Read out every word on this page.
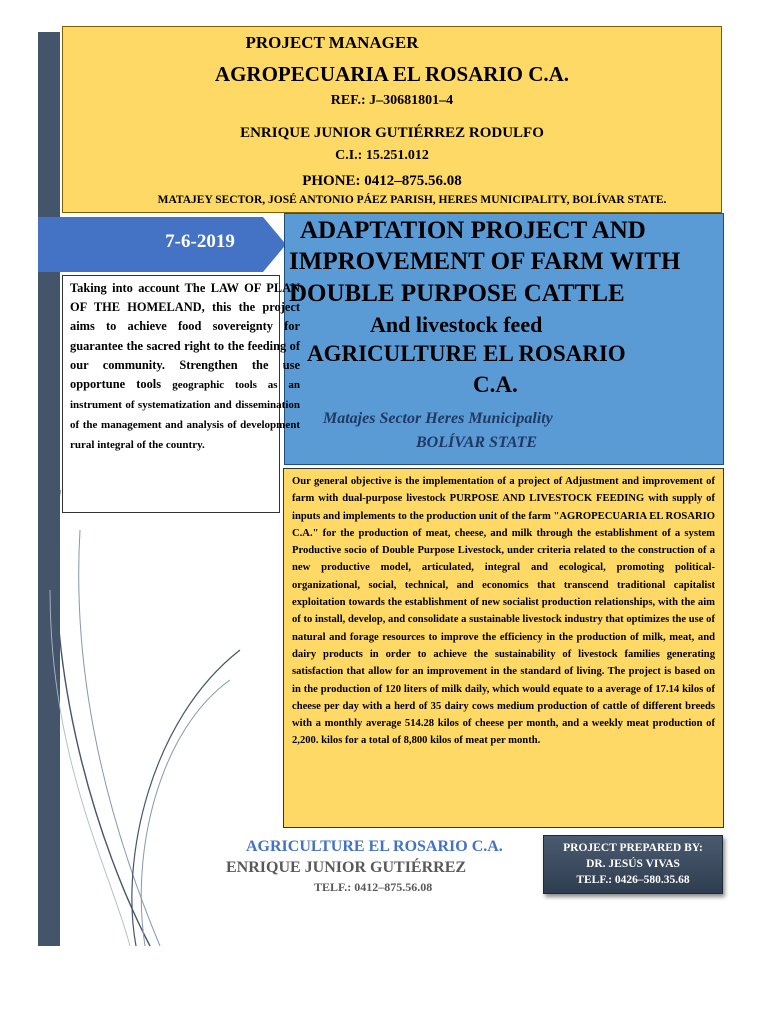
PROJECT MANAGER
AGROPECUARIA EL ROSARIO C.A.
REF.: J–30681801–4
ENRIQUE JUNIOR GUTIÉRREZ RODULFO
C.I.: 15.251.012
PHONE: 0412–875.56.08
MATAJEY SECTOR, JOSÉ ANTONIO PÁEZ PARISH, HERES MUNICIPALITY, BOLÍVAR STATE.
7-6-2019	ADAPTATION PROJECT AND
IMPROVEMENT OF FARM WITH
DOUBLE PURPOSE CATTLE
And livestock feed
AGRICULTURE EL ROSARIO
C.A.
Matajes Sector Heres Municipality
BOLÍVAR STATE
Taking into account The LAW OF PLAN OF THE HOMELAND, this the project aims to achieve food sovereignty for guarantee the sacred right to the feeding of our community. Strengthen the use opportune tools geographic tools as an instrument of systematization and dissemination of the management and analysis of development rural integral of the country.
Our general objective is the implementation of a project of Adjustment and improvement of farm with dual-purpose livestock PURPOSE AND LIVESTOCK FEEDING with supply of inputs and implements to the production unit of the farm "AGROPECUARIA EL ROSARIO C.A." for the production of meat, cheese, and milk through the establishment of a system Productive socio of Double Purpose Livestock, under criteria related to the construction of a new productive model, articulated, integral and ecological, promoting political-organizational, social, technical, and economics that transcend traditional capitalist exploitation towards the establishment of new socialist production relationships, with the aim of to install, develop, and consolidate a sustainable livestock industry that optimizes the use of natural and forage resources to improve the efficiency in the production of milk, meat, and dairy products in order to achieve the sustainability of livestock families generating satisfaction that allow for an improvement in the standard of living. The project is based on in the production of 120 liters of milk daily, which would equate to a average of 17.14 kilos of cheese per day with a herd of 35 dairy cows medium production of cattle of different breeds with a monthly average 514.28 kilos of cheese per month, and a weekly meat production of 2,200. kilos for a total of 8,800 kilos of meat per month.
AGRICULTURE EL ROSARIO C.A.
ENRIQUE JUNIOR GUTIÉRREZ
TELF.: 0412–875.56.08
PROJECT PREPARED BY:
DR. JESÚS VIVAS
TELF.: 0426–580.35.68
